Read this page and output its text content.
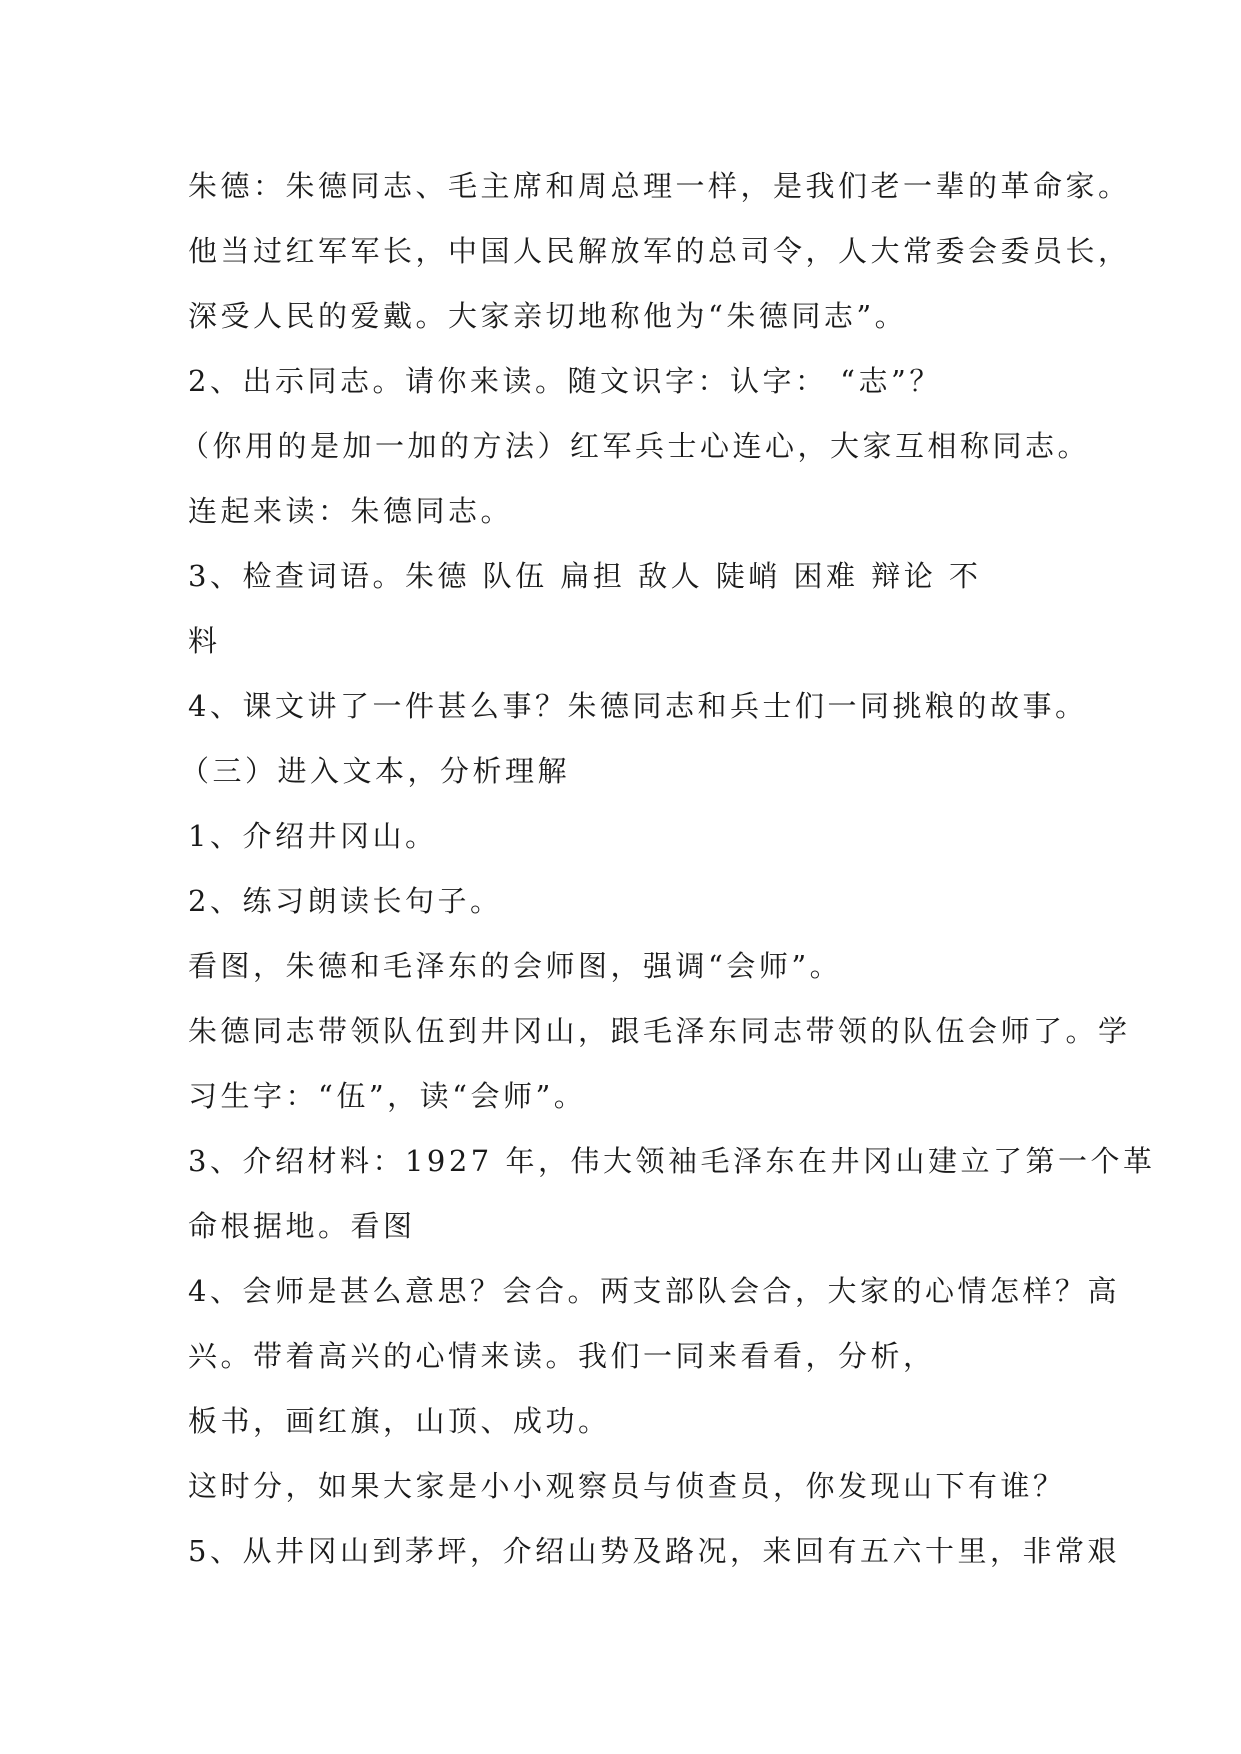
朱德：朱德同志、毛主席和周总理一样，是我们老一辈的革命家。

他当过红军军长，中国人民解放军的总司令，人大常委会委员长，

深受人民的爱戴。大家亲切地称他为“朱德同志”。

2、出示同志。请你来读。随文识字：认字： “志”？

（你用的是加一加的方法）红军兵士心连心，大家互相称同志。

连起来读：朱德同志。

3、检查词语。朱德 队伍 扁担 敌人 陡峭 困难 辩论 不

料

4、课文讲了一件甚么事？朱德同志和兵士们一同挑粮的故事。

（三）进入文本，分析理解

1、介绍井冈山。

2、练习朗读长句子。

看图，朱德和毛泽东的会师图，强调“会师”。

朱德同志带领队伍到井冈山，跟毛泽东同志带领的队伍会师了。学

习生字：“伍”，读“会师”。

3、介绍材料：1927 年，伟大领袖毛泽东在井冈山建立了第一个革

命根据地。看图

4、会师是甚么意思？会合。两支部队会合，大家的心情怎样？高

兴。带着高兴的心情来读。我们一同来看看，分析，

板书，画红旗，山顶、成功。

这时分，如果大家是小小观察员与侦查员，你发现山下有谁？

5、从井冈山到茅坪，介绍山势及路况，来回有五六十里，非常艰
